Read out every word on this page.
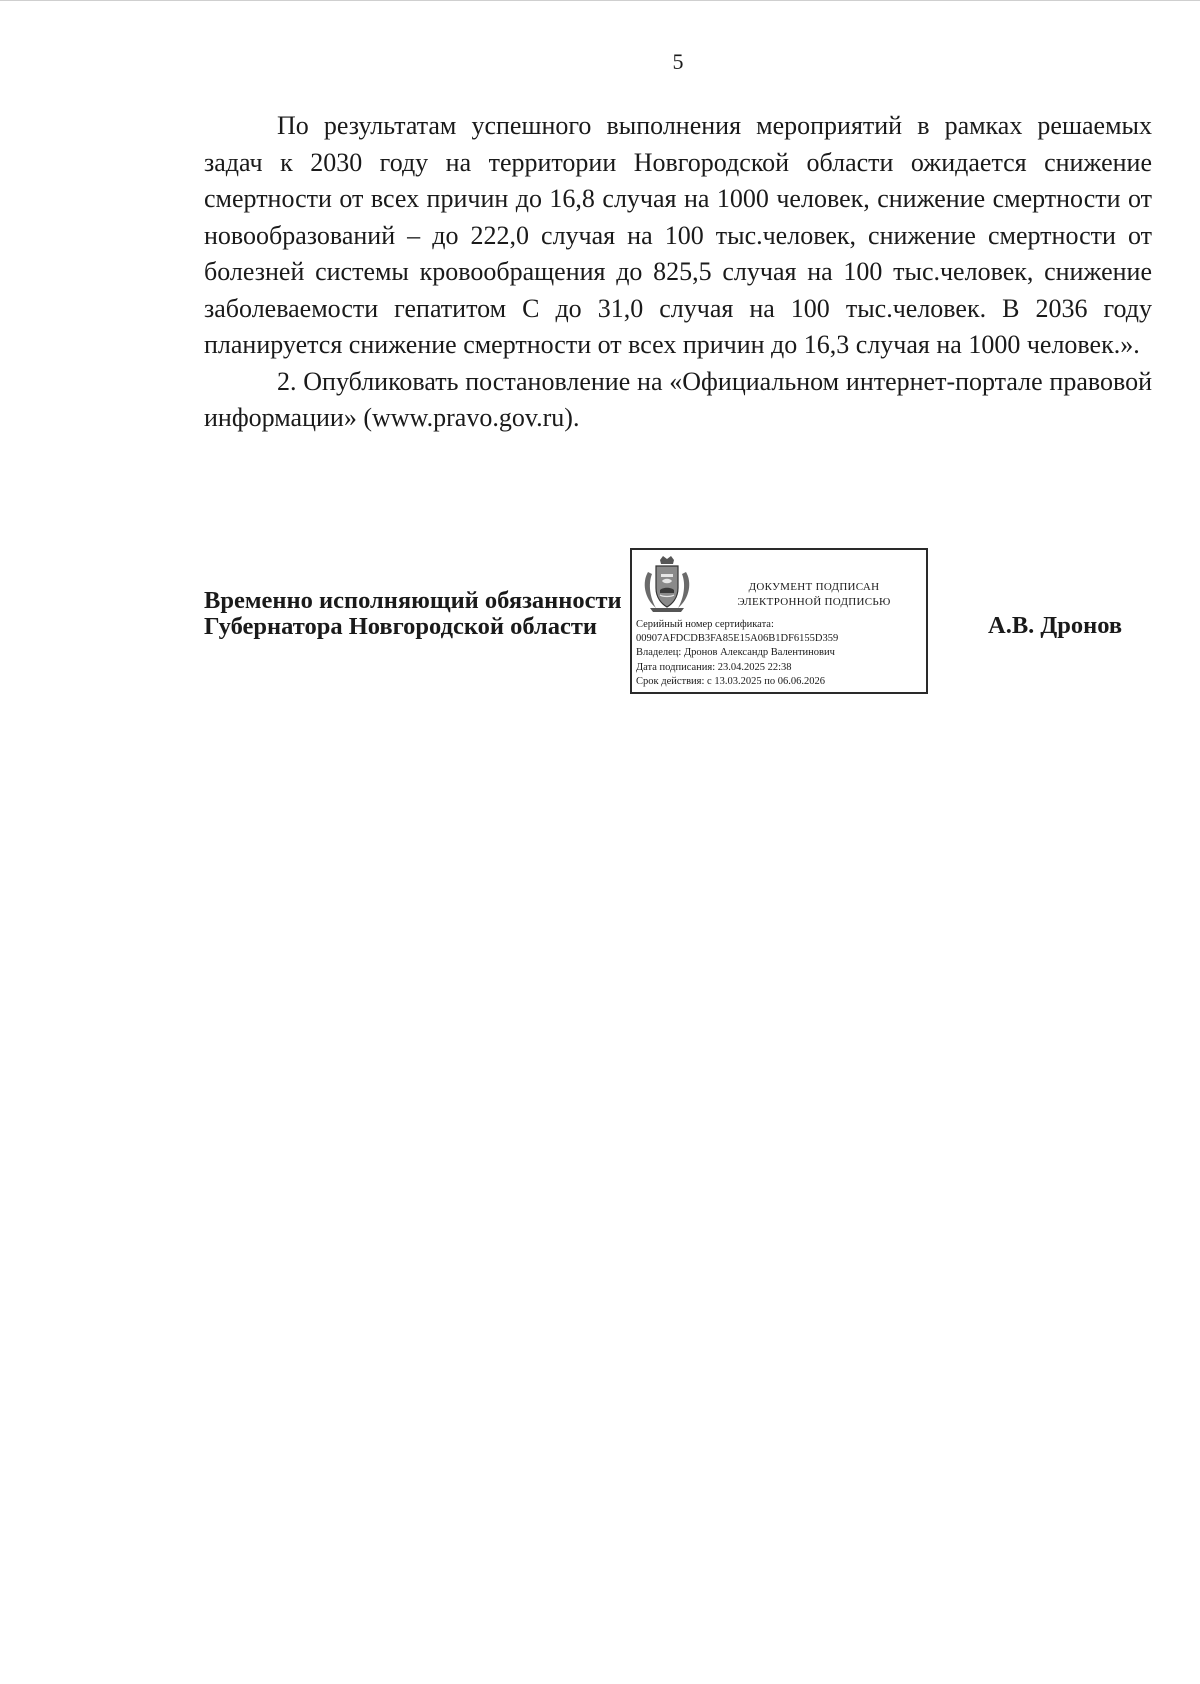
5

По результатам успешного выполнения мероприятий в рамках решаемых задач к 2030 году на территории Новгородской области ожидается снижение смертности от всех причин до 16,8 случая на 1000 человек, снижение смертности от новообразований – до 222,0 случая на 100 тыс.человек, снижение смертности от болезней системы кровообращения до 825,5 случая на 100 тыс.человек, снижение заболеваемости гепатитом С до 31,0 случая на 100 тыс.человек. В 2036 году планируется снижение смертности от всех причин до 16,3 случая на 1000 человек.».

2. Опубликовать постановление на «Официальном интернет-портале правовой информации» (www.pravo.gov.ru).

Временно исполняющий обязанности
Губернатора Новгородской области	А.В. Дронов
ДОКУМЕНТ ПОДПИСАН
ЭЛЕКТРОННОЙ ПОДПИСЬЮ
Серийный номер сертификата:
00907AFDCDB3FA85E15A06B1DF6155D359
Владелец: Дронов Александр Валентинович
Дата подписания: 23.04.2025 22:38
Срок действия: с 13.03.2025 по 06.06.2026
